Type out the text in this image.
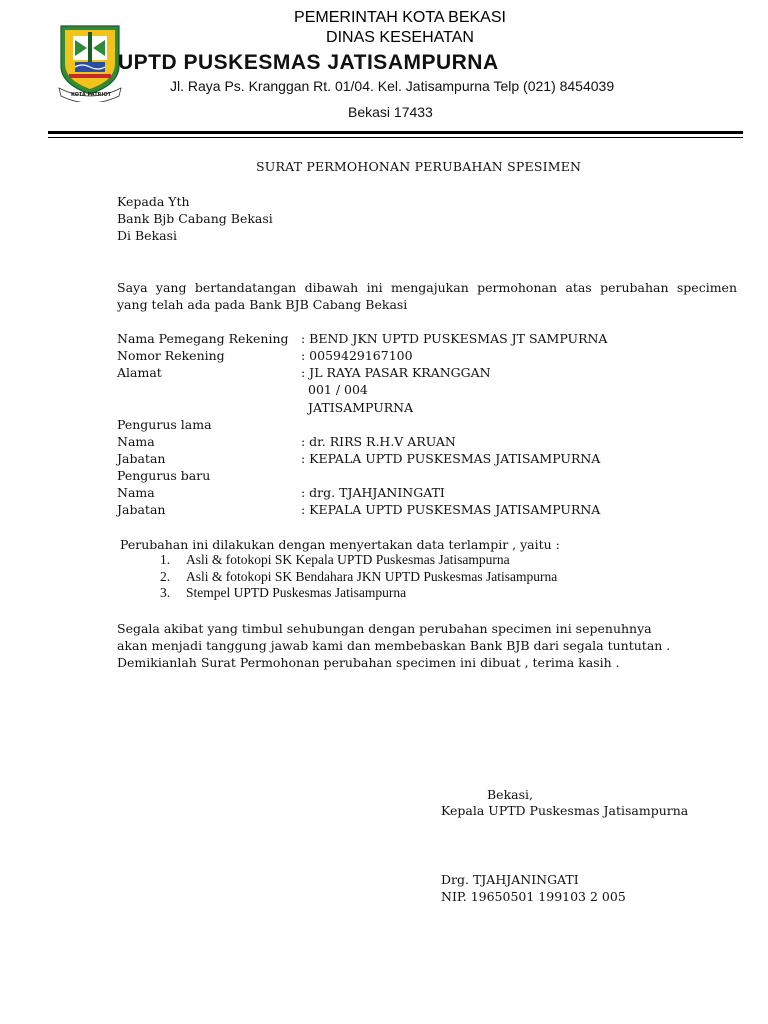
KOTA PATRIOT
PEMERINTAH KOTA BEKASI
DINAS KESEHATAN
UPTD PUSKESMAS JATISAMPURNA
Jl. Raya Ps. Kranggan Rt. 01/04. Kel. Jatisampurna Telp (021) 8454039
Bekasi 17433
SURAT PERMOHONAN PERUBAHAN SPESIMEN
Kepada Yth
Bank Bjb Cabang Bekasi
Di Bekasi
Saya yang bertandatangan dibawah ini mengajukan permohonan atas perubahan specimen
yang telah ada pada Bank BJB Cabang Bekasi
Nama Pemegang Rekening : BEND JKN UPTD PUSKESMAS JT SAMPURNA
Nomor Rekening	: 0059429167100
Alamat	: JL RAYA PASAR KRANGGAN
001 / 004
JATISAMPURNA
Pengurus lama
Nama	: dr. RIRS R.H.V ARUAN
Jabatan	: KEPALA UPTD PUSKESMAS JATISAMPURNA
Pengurus baru
Nama	: drg. TJAHJANINGATI
Jabatan	: KEPALA UPTD PUSKESMAS JATISAMPURNA
Perubahan ini dilakukan dengan menyertakan data terlampir , yaitu :
1. Asli & fotokopi SK Kepala UPTD Puskesmas Jatisampurna
2. Asli & fotokopi SK Bendahara JKN UPTD Puskesmas Jatisampurna
3. Stempel UPTD Puskesmas Jatisampurna
Segala akibat yang timbul sehubungan dengan perubahan specimen ini sepenuhnya
akan menjadi tanggung jawab kami dan membebaskan Bank BJB dari segala tuntutan .
Demikianlah Surat Permohonan perubahan specimen ini dibuat , terima kasih .
Bekasi,
Kepala UPTD Puskesmas Jatisampurna
Drg. TJAHJANINGATI
NIP. 19650501 199103 2 005
